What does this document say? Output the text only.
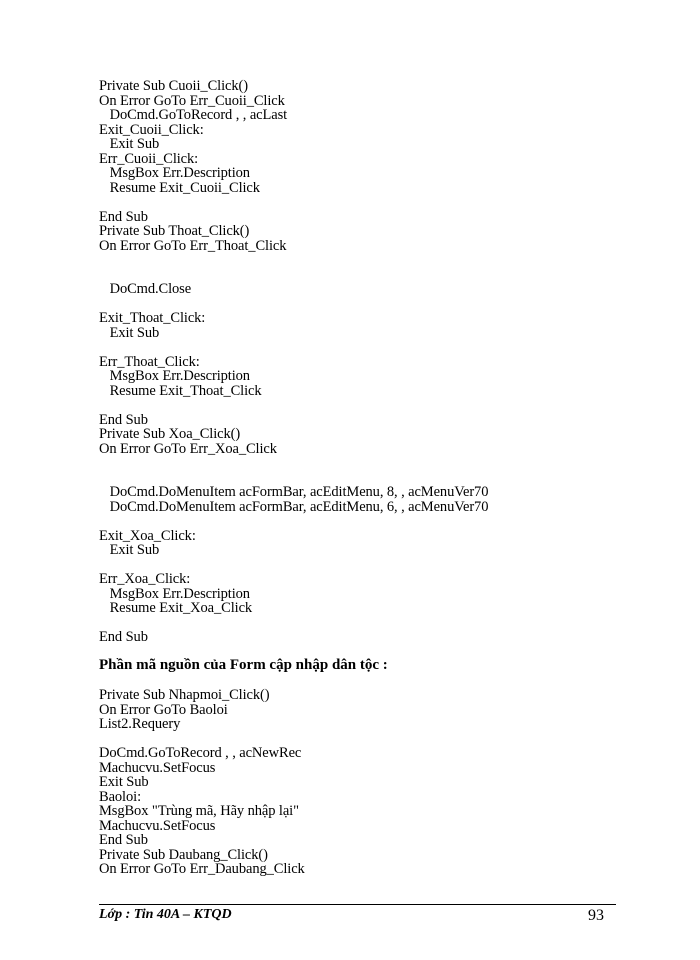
Private Sub Cuoii_Click()
On Error GoTo Err_Cuoii_Click
DoCmd.GoToRecord , , acLast
Exit_Cuoii_Click:
Exit Sub
Err_Cuoii_Click:
MsgBox Err.Description
Resume Exit_Cuoii_Click
End Sub
Private Sub Thoat_Click()
On Error GoTo Err_Thoat_Click
DoCmd.Close
Exit_Thoat_Click:
Exit Sub
Err_Thoat_Click:
MsgBox Err.Description
Resume Exit_Thoat_Click
End Sub
Private Sub Xoa_Click()
On Error GoTo Err_Xoa_Click
DoCmd.DoMenuItem acFormBar, acEditMenu, 8, , acMenuVer70
DoCmd.DoMenuItem acFormBar, acEditMenu, 6, , acMenuVer70
Exit_Xoa_Click:
Exit Sub
Err_Xoa_Click:
MsgBox Err.Description
Resume Exit_Xoa_Click
End Sub
Phần mã nguồn của Form cập nhập dân tộc :
Private Sub Nhapmoi_Click()
On Error GoTo Baoloi
List2.Requery
DoCmd.GoToRecord , , acNewRec
Machucvu.SetFocus
Exit Sub
Baoloi:
MsgBox "Trùng mã, Hãy nhập lại"
Machucvu.SetFocus
End Sub
Private Sub Daubang_Click()
On Error GoTo Err_Daubang_Click
Lớp : Tin 40A – KTQD	93
